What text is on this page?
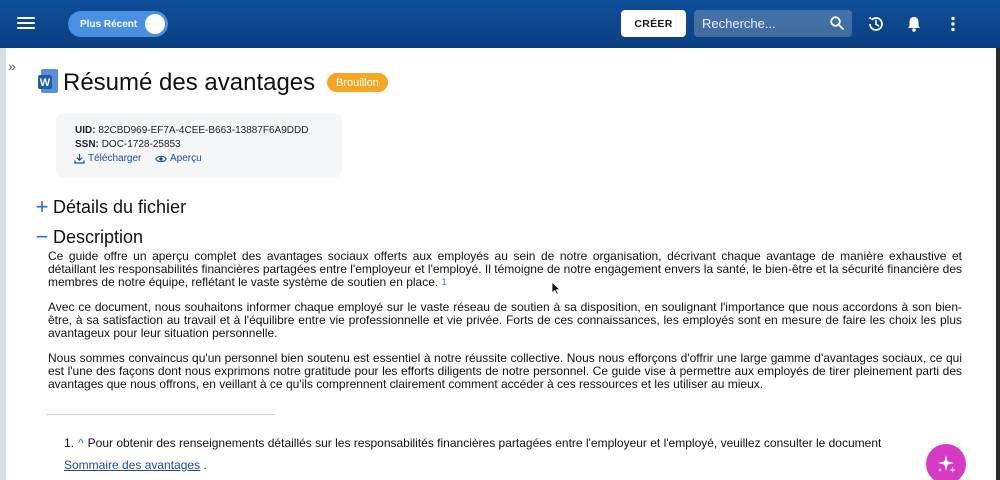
Plus Récent	CRÉER
Recherche...
»
W Résumé des avantages	Brouillon
UID: 82CBD969-EF7A-4CEE-B663-13887F6A9DDD
SSN: DOC-1728-25853
Télécharger	Aperçu
+ Détails du fichier
− Description

Ce guide offre un aperçu complet des avantages sociaux offerts aux employés au sein de notre organisation, décrivant chaque avantage de manière exhaustive et détaillant les responsabilités financières partagées entre l'employeur et l'employé. Il témoigne de notre engagement envers la santé, le bien-être et la sécurité financière des membres de notre équipe, reflétant le vaste système de soutien en place. $^1$

Avec ce document, nous souhaitons informer chaque employé sur le vaste réseau de soutien à sa disposition, en soulignant l'importance que nous accordons à son bien-être, à sa satisfaction au travail et à l'équilibre entre vie professionnelle et vie privée. Forts de ces connaissances, les employés sont en mesure de faire les choix les plus avantageux pour leur situation personnelle.

Nous sommes convaincus qu'un personnel bien soutenu est essentiel à notre réussite collective. Nous nous efforçons d'offrir une large gamme d'avantages sociaux, ce qui est l'une des façons dont nous exprimons notre gratitude pour les efforts diligents de notre personnel. Ce guide vise à permettre aux employés de tirer pleinement parti des avantages que nous offrons, en veillant à ce qu'ils comprennent clairement comment accéder à ces ressources et les utiliser au mieux.

1. ^ Pour obtenir des renseignements détaillés sur les responsabilités financières partagées entre l'employeur et l'employé, veuillez consulter le document Sommaire des avantages .
